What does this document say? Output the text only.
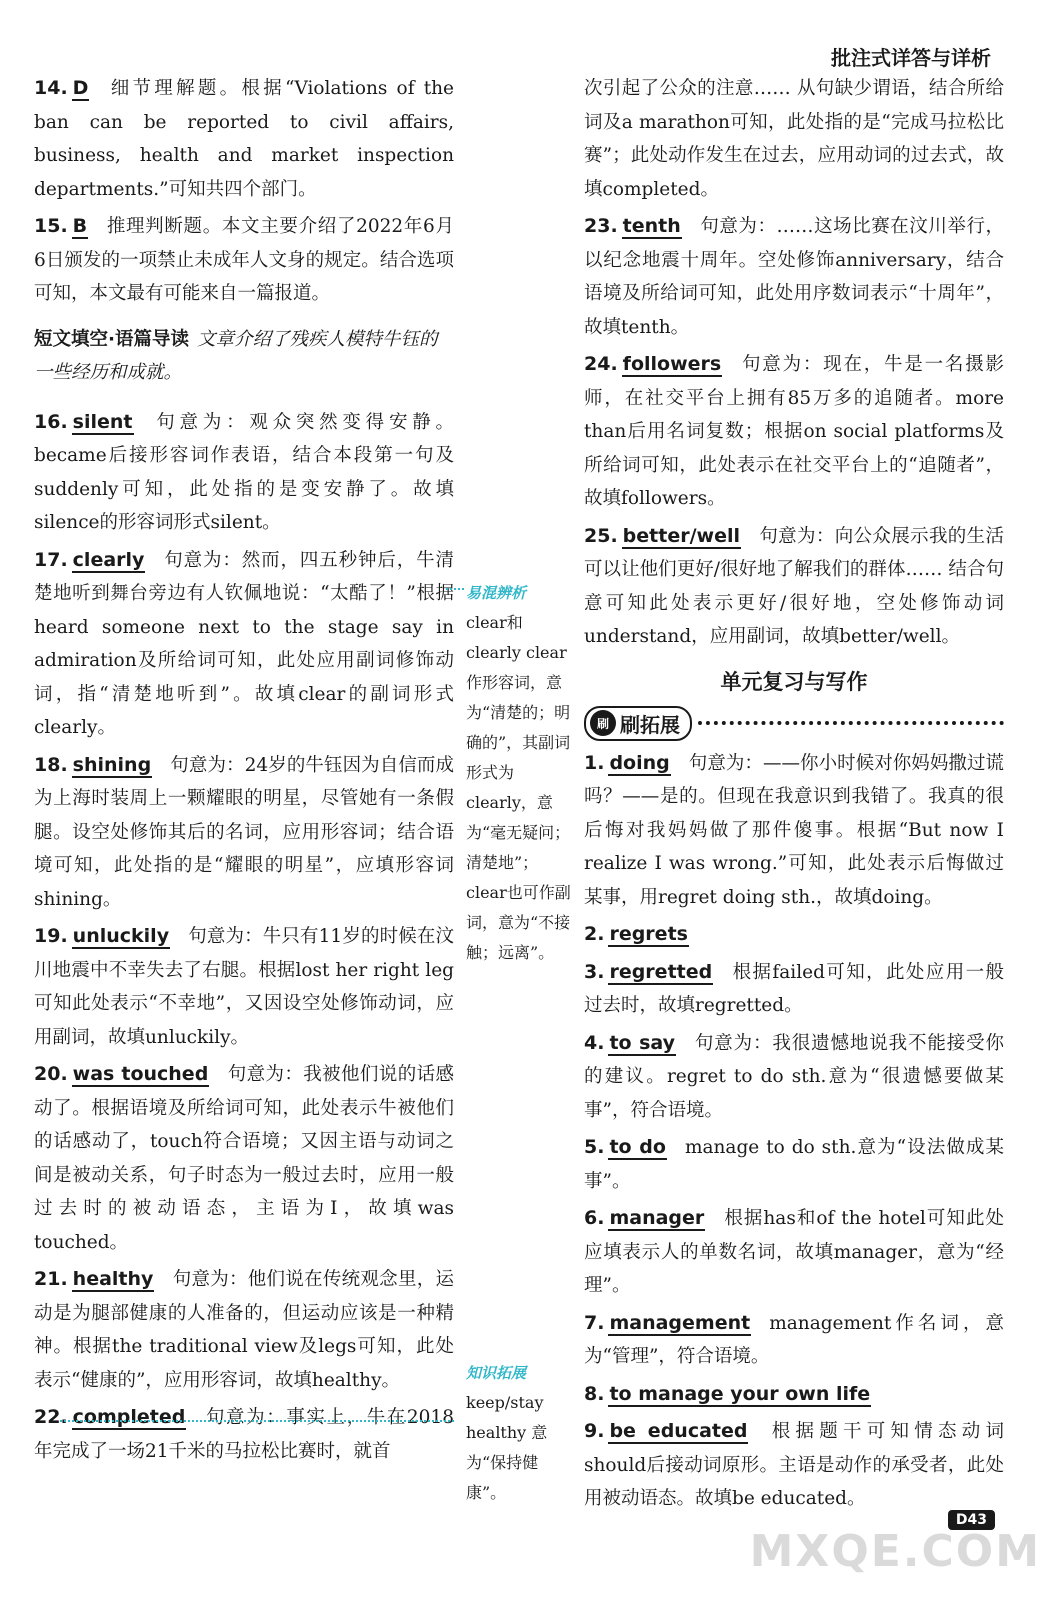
批注式详答与详析
14. D 细节理解题。根据“Violations of the ban can be reported to civil affairs, business, health and market inspection departments.”可知共四个部门。
15. B 推理判断题。本文主要介绍了2022年6月6日颁发的一项禁止未成年人文身的规定。结合选项可知，本文最有可能来自一篇报道。
短文填空·语篇导读 文章介绍了残疾人模特牛钰的一些经历和成就。
16. silent 句意为：观众突然变得安静。became后接形容词作表语，结合本段第一句及suddenly可知，此处指的是变安静了。故填silence的形容词形式silent。
17. clearly 句意为：然而，四五秒钟后，牛清楚地听到舞台旁边有人钦佩地说：“太酷了！”根据heard someone next to the stage say in admiration及所给词可知，此处应用副词修饰动词，指“清楚地听到”。故填clear的副词形式clearly。
18. shining 句意为：24岁的牛钰因为自信而成为上海时装周上一颗耀眼的明星，尽管她有一条假腿。设空处修饰其后的名词，应用形容词；结合语境可知，此处指的是“耀眼的明星”，应填形容词shining。
19. unluckily 句意为：牛只有11岁的时候在汶川地震中不幸失去了右腿。根据lost her right leg可知此处表示“不幸地”，又因设空处修饰动词，应用副词，故填unluckily。
20. was touched 句意为：我被他们说的话感动了。根据语境及所给词可知，此处表示牛被他们的话感动了，touch符合语境；又因主语与动词之间是被动关系，句子时态为一般过去时，应用一般过去时的被动语态，主语为I，故填was touched。
21. healthy 句意为：他们说在传统观念里，运动是为腿部健康的人准备的，但运动应该是一种精神。根据the traditional view及legs可知，此处表示“健康的”，应用形容词，故填healthy。
22. completed 句意为：事实上，牛在2018年完成了一场21千米的马拉松比赛时，就首
易混辨析
clear和clearly clear作形容词，意为“清楚的；明确的”，其副词形式为clearly，意为“毫无疑问；清楚地”；clear也可作副词，意为“不接触；远离”。
知识拓展
keep/stay healthy 意为“保持健康”。
次引起了公众的注意…… 从句缺少谓语，结合所给词及a marathon可知，此处指的是“完成马拉松比赛”；此处动作发生在过去，应用动词的过去式，故填completed。
23. tenth 句意为：……这场比赛在汶川举行，以纪念地震十周年。空处修饰anniversary，结合语境及所给词可知，此处用序数词表示“十周年”，故填tenth。
24. followers 句意为：现在，牛是一名摄影师，在社交平台上拥有85万多的追随者。more than后用名词复数；根据on social platforms及所给词可知，此处表示在社交平台上的“追随者”，故填followers。
25. better/well 句意为：向公众展示我的生活可以让他们更好/很好地了解我们的群体…… 结合句意可知此处表示更好/很好地，空处修饰动词understand，应用副词，故填better/well。
单元复习与写作
刷 刷拓展
1. doing 句意为：——你小时候对你妈妈撒过谎吗？——是的。但现在我意识到我错了。我真的很后悔对我妈妈做了那件傻事。根据“But now I realize I was wrong.”可知，此处表示后悔做过某事，用regret doing sth.，故填doing。
2. regrets
3. regretted 根据failed可知，此处应用一般过去时，故填regretted。
4. to say 句意为：我很遗憾地说我不能接受你的建议。regret to do sth.意为“很遗憾要做某事”，符合语境。
5. to do manage to do sth.意为“设法做成某事”。
6. manager 根据has和of the hotel可知此处应填表示人的单数名词，故填manager，意为“经理”。
7. management management作名词，意为“管理”，符合语境。
8. to manage your own life
9. be educated 根据题干可知情态动词should后接动词原形。主语是动作的承受者，此处用被动语态。故填be educated。
D43
MXQE.COM
